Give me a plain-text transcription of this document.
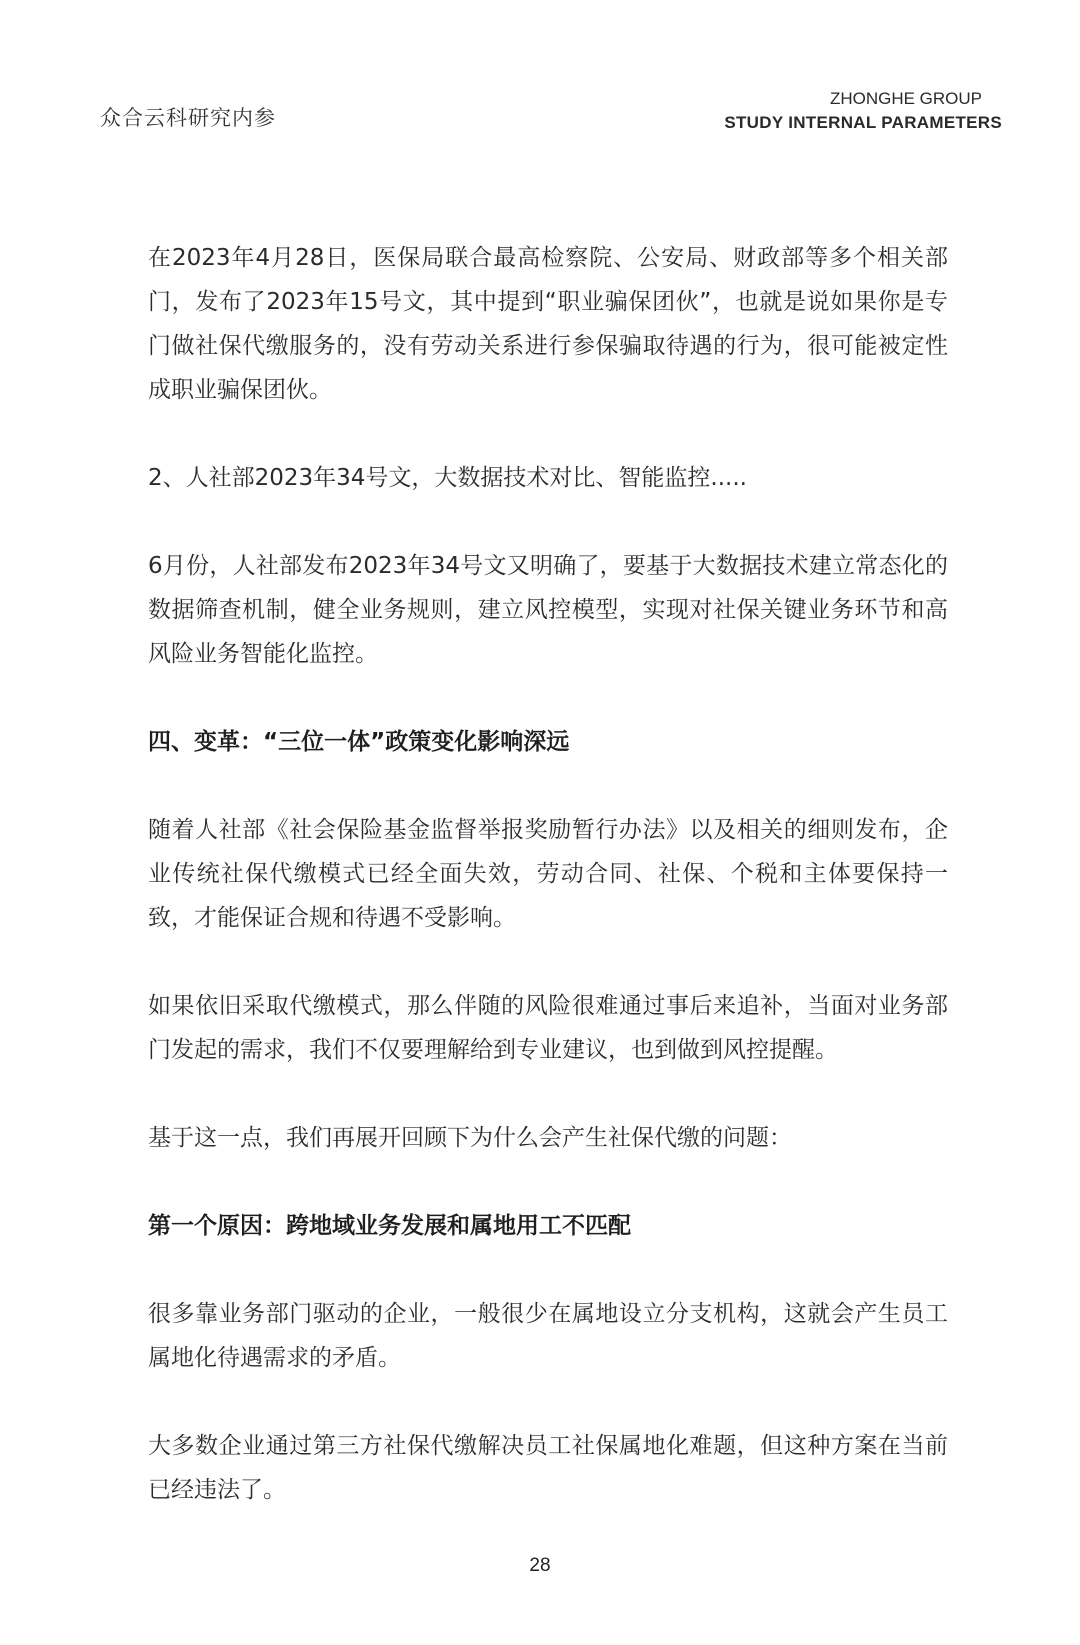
众合云科研究内参
ZHONGHE GROUP
STUDY INTERNAL PARAMETERS

在2023年4月28日，医保局联合最高检察院、公安局、财政部等多个相关部门，发布了2023年15号文，其中提到“职业骗保团伙”，也就是说如果你是专门做社保代缴服务的，没有劳动关系进行参保骗取待遇的行为，很可能被定性成职业骗保团伙。

2、人社部2023年34号文，大数据技术对比、智能监控.....

6月份，人社部发布2023年34号文又明确了，要基于大数据技术建立常态化的数据筛查机制，健全业务规则，建立风控模型，实现对社保关键业务环节和高风险业务智能化监控。

四、变革：“三位一体”政策变化影响深远

随着人社部《社会保险基金监督举报奖励暂行办法》以及相关的细则发布，企业传统社保代缴模式已经全面失效，劳动合同、社保、个税和主体要保持一致，才能保证合规和待遇不受影响。

如果依旧采取代缴模式，那么伴随的风险很难通过事后来追补，当面对业务部门发起的需求，我们不仅要理解给到专业建议，也到做到风控提醒。

基于这一点，我们再展开回顾下为什么会产生社保代缴的问题：

第一个原因：跨地域业务发展和属地用工不匹配

很多靠业务部门驱动的企业，一般很少在属地设立分支机构，这就会产生员工属地化待遇需求的矛盾。

大多数企业通过第三方社保代缴解决员工社保属地化难题，但这种方案在当前已经违法了。

28
